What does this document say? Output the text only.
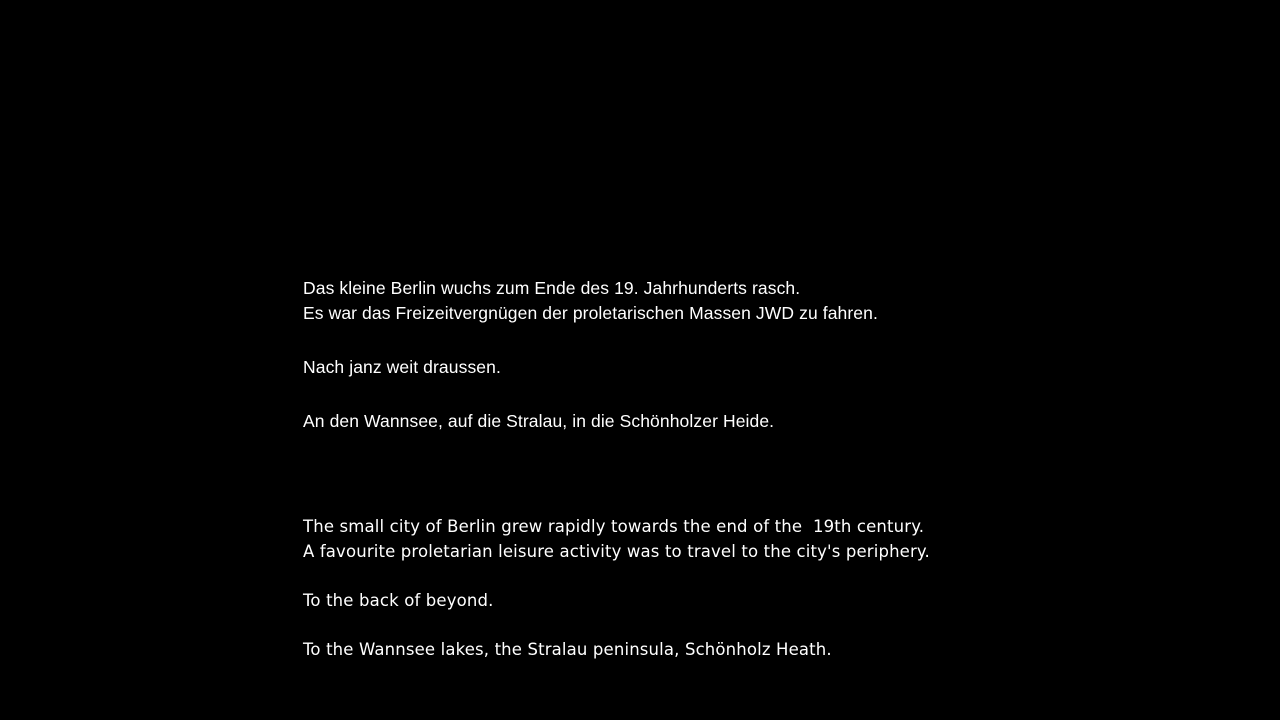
Das kleine Berlin wuchs zum Ende des 19. Jahrhunderts rasch.
Es war das Freizeitvergnügen der proletarischen Massen JWD zu fahren.
Nach janz weit draussen.
An den Wannsee, auf die Stralau, in die Schönholzer Heide.
The small city of Berlin grew rapidly towards the end of the  19th century.
A favourite proletarian leisure activity was to travel to the city's periphery.
To the back of beyond.
To the Wannsee lakes, the Stralau peninsula, Schönholz Heath.
